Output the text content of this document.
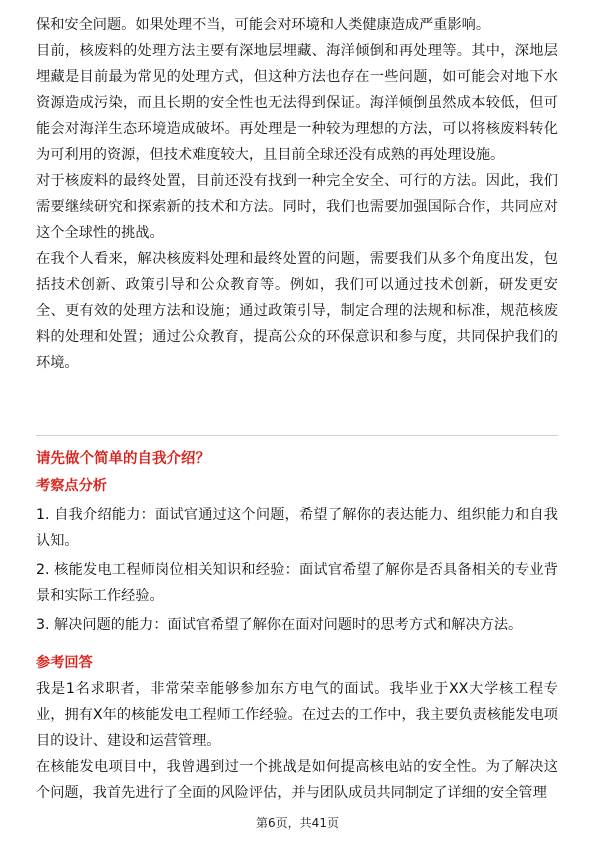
保和安全问题。如果处理不当，可能会对环境和人类健康造成严重影响。

目前，核废料的处理方法主要有深地层埋藏、海洋倾倒和再处理等。其中，深地层埋藏是目前最为常见的处理方式，但这种方法也存在一些问题，如可能会对地下水资源造成污染，而且长期的安全性也无法得到保证。海洋倾倒虽然成本较低，但可能会对海洋生态环境造成破坏。再处理是一种较为理想的方法，可以将核废料转化为可利用的资源，但技术难度较大，且目前全球还没有成熟的再处理设施。

对于核废料的最终处置，目前还没有找到一种完全安全、可行的方法。因此，我们需要继续研究和探索新的技术和方法。同时，我们也需要加强国际合作，共同应对这个全球性的挑战。

在我个人看来，解决核废料处理和最终处置的问题，需要我们从多个角度出发，包括技术创新、政策引导和公众教育等。例如，我们可以通过技术创新，研发更安全、更有效的处理方法和设施；通过政策引导，制定合理的法规和标准，规范核废料的处理和处置；通过公众教育，提高公众的环保意识和参与度，共同保护我们的环境。

请先做个简单的自我介绍？

考察点分析

1. 自我介绍能力：面试官通过这个问题，希望了解你的表达能力、组织能力和自我认知。

2. 核能发电工程师岗位相关知识和经验：面试官希望了解你是否具备相关的专业背景和实际工作经验。

3. 解决问题的能力：面试官希望了解你在面对问题时的思考方式和解决方法。

参考回答

我是1名求职者，非常荣幸能够参加东方电气的面试。我毕业于XX大学核工程专业，拥有X年的核能发电工程师工作经验。在过去的工作中，我主要负责核能发电项目的设计、建设和运营管理。

在核能发电项目中，我曾遇到过一个挑战是如何提高核电站的安全性。为了解决这个问题，我首先进行了全面的风险评估，并与团队成员共同制定了详细的安全管理

第6页，共41页
